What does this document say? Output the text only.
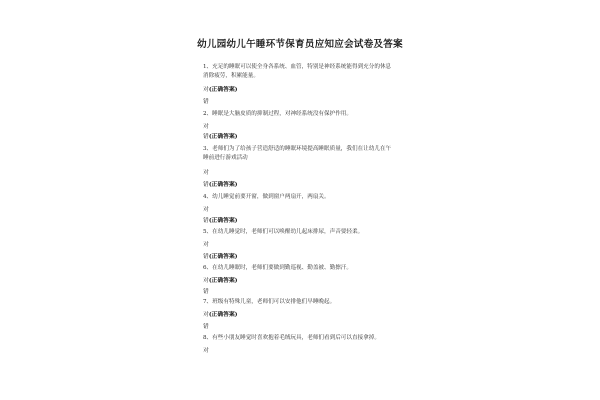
幼儿园幼儿午睡环节保育员应知应会试卷及答案
1、充足的睡眠可以使全身各系统、血管，特别是神经系统能得到充分的休息
消除疲劳，积累能量。
对(正确答案)
错
2、睡眠是大脑皮质的抑制过程，对神经系统没有保护作用。
对
错(正确答案)
3、老师们为了给孩子营造舒适的睡眠环境提高睡眠质量，我们在让幼儿在午
睡前进行游戏活动
对
错(正确答案)
4、幼儿睡觉前要开窗，做到窗户两扇开，两扇关。
对
错(正确答案)
5、在幼儿睡觉时，老师们可以唤醒幼儿起床排尿，声音要轻柔。
对
错(正确答案)
6、在幼儿睡眠时，老师们要做到勤巡视、勤盖被、勤擦汗。
对(正确答案)
错
7、班级有特殊儿童，老师们可以安排他们早睡晚起。
对(正确答案)
错
8、有些小朋友睡觉时喜欢抱着毛绒玩具，老师们看到后可以直接拿掉。
对
